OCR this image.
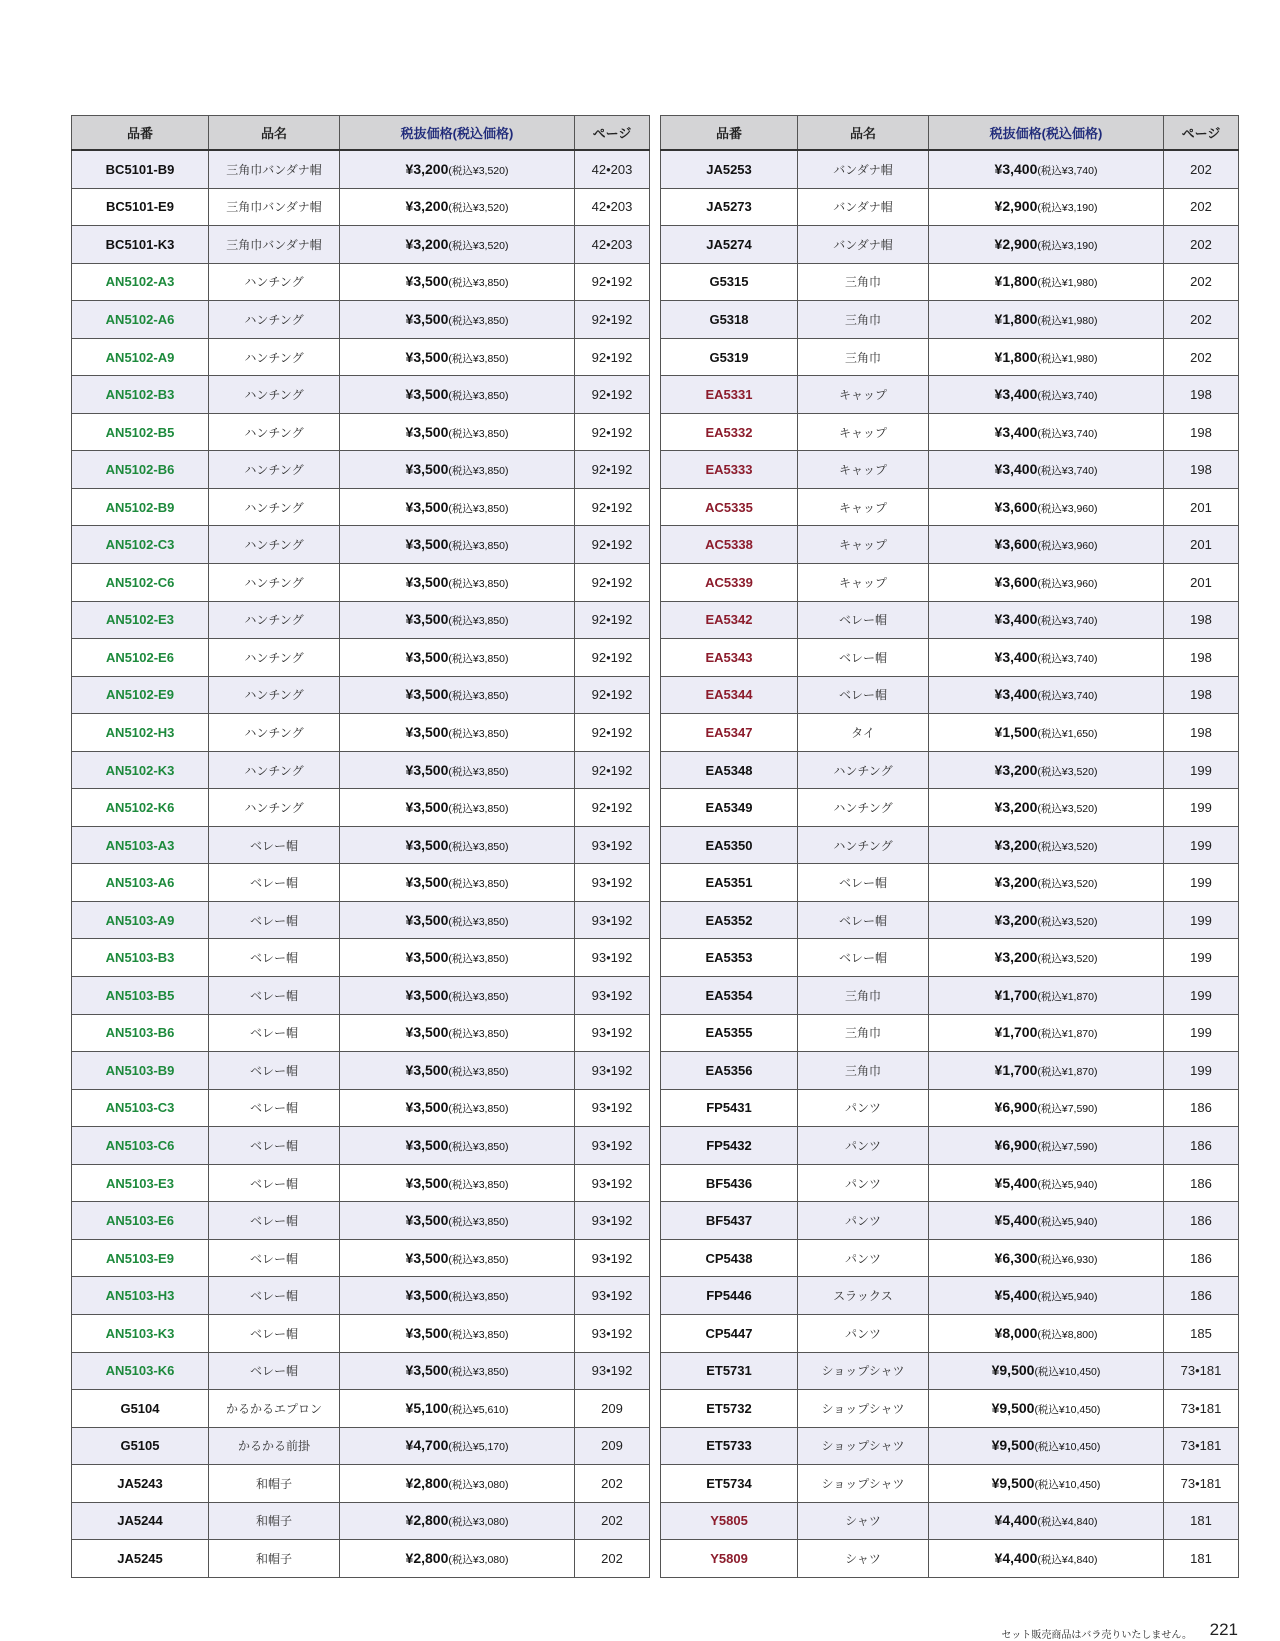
品番	品名	税抜価格(税込価格)	ページ
BC5101-B9	三角巾バンダナ帽	¥3,200(税込¥3,520)	42•203
BC5101-E9	三角巾バンダナ帽	¥3,200(税込¥3,520)	42•203
BC5101-K3	三角巾バンダナ帽	¥3,200(税込¥3,520)	42•203
AN5102-A3	ハンチング	¥3,500(税込¥3,850)	92•192
AN5102-A6	ハンチング	¥3,500(税込¥3,850)	92•192
AN5102-A9	ハンチング	¥3,500(税込¥3,850)	92•192
AN5102-B3	ハンチング	¥3,500(税込¥3,850)	92•192
AN5102-B5	ハンチング	¥3,500(税込¥3,850)	92•192
AN5102-B6	ハンチング	¥3,500(税込¥3,850)	92•192
AN5102-B9	ハンチング	¥3,500(税込¥3,850)	92•192
AN5102-C3	ハンチング	¥3,500(税込¥3,850)	92•192
AN5102-C6	ハンチング	¥3,500(税込¥3,850)	92•192
AN5102-E3	ハンチング	¥3,500(税込¥3,850)	92•192
AN5102-E6	ハンチング	¥3,500(税込¥3,850)	92•192
AN5102-E9	ハンチング	¥3,500(税込¥3,850)	92•192
AN5102-H3	ハンチング	¥3,500(税込¥3,850)	92•192
AN5102-K3	ハンチング	¥3,500(税込¥3,850)	92•192
AN5102-K6	ハンチング	¥3,500(税込¥3,850)	92•192
AN5103-A3	ベレー帽	¥3,500(税込¥3,850)	93•192
AN5103-A6	ベレー帽	¥3,500(税込¥3,850)	93•192
AN5103-A9	ベレー帽	¥3,500(税込¥3,850)	93•192
AN5103-B3	ベレー帽	¥3,500(税込¥3,850)	93•192
AN5103-B5	ベレー帽	¥3,500(税込¥3,850)	93•192
AN5103-B6	ベレー帽	¥3,500(税込¥3,850)	93•192
AN5103-B9	ベレー帽	¥3,500(税込¥3,850)	93•192
AN5103-C3	ベレー帽	¥3,500(税込¥3,850)	93•192
AN5103-C6	ベレー帽	¥3,500(税込¥3,850)	93•192
AN5103-E3	ベレー帽	¥3,500(税込¥3,850)	93•192
AN5103-E6	ベレー帽	¥3,500(税込¥3,850)	93•192
AN5103-E9	ベレー帽	¥3,500(税込¥3,850)	93•192
AN5103-H3	ベレー帽	¥3,500(税込¥3,850)	93•192
AN5103-K3	ベレー帽	¥3,500(税込¥3,850)	93•192
AN5103-K6	ベレー帽	¥3,500(税込¥3,850)	93•192
G5104	かるかるエプロン	¥5,100(税込¥5,610)	209
G5105	かるかる前掛	¥4,700(税込¥5,170)	209
JA5243	和帽子	¥2,800(税込¥3,080)	202
JA5244	和帽子	¥2,800(税込¥3,080)	202
JA5245	和帽子	¥2,800(税込¥3,080)	202
品番	品名	税抜価格(税込価格)	ページ
JA5253	バンダナ帽	¥3,400(税込¥3,740)	202
JA5273	バンダナ帽	¥2,900(税込¥3,190)	202
JA5274	バンダナ帽	¥2,900(税込¥3,190)	202
G5315	三角巾	¥1,800(税込¥1,980)	202
G5318	三角巾	¥1,800(税込¥1,980)	202
G5319	三角巾	¥1,800(税込¥1,980)	202
EA5331	キャップ	¥3,400(税込¥3,740)	198
EA5332	キャップ	¥3,400(税込¥3,740)	198
EA5333	キャップ	¥3,400(税込¥3,740)	198
AC5335	キャップ	¥3,600(税込¥3,960)	201
AC5338	キャップ	¥3,600(税込¥3,960)	201
AC5339	キャップ	¥3,600(税込¥3,960)	201
EA5342	ベレー帽	¥3,400(税込¥3,740)	198
EA5343	ベレー帽	¥3,400(税込¥3,740)	198
EA5344	ベレー帽	¥3,400(税込¥3,740)	198
EA5347	タイ	¥1,500(税込¥1,650)	198
EA5348	ハンチング	¥3,200(税込¥3,520)	199
EA5349	ハンチング	¥3,200(税込¥3,520)	199
EA5350	ハンチング	¥3,200(税込¥3,520)	199
EA5351	ベレー帽	¥3,200(税込¥3,520)	199
EA5352	ベレー帽	¥3,200(税込¥3,520)	199
EA5353	ベレー帽	¥3,200(税込¥3,520)	199
EA5354	三角巾	¥1,700(税込¥1,870)	199
EA5355	三角巾	¥1,700(税込¥1,870)	199
EA5356	三角巾	¥1,700(税込¥1,870)	199
FP5431	パンツ	¥6,900(税込¥7,590)	186
FP5432	パンツ	¥6,900(税込¥7,590)	186
BF5436	パンツ	¥5,400(税込¥5,940)	186
BF5437	パンツ	¥5,400(税込¥5,940)	186
CP5438	パンツ	¥6,300(税込¥6,930)	186
FP5446	スラックス	¥5,400(税込¥5,940)	186
CP5447	パンツ	¥8,000(税込¥8,800)	185
ET5731	ショップシャツ	¥9,500(税込¥10,450)	73•181
ET5732	ショップシャツ	¥9,500(税込¥10,450)	73•181
ET5733	ショップシャツ	¥9,500(税込¥10,450)	73•181
ET5734	ショップシャツ	¥9,500(税込¥10,450)	73•181
Y5805	シャツ	¥4,400(税込¥4,840)	181
Y5809	シャツ	¥4,400(税込¥4,840)	181
セット販売商品はバラ売りいたしません。 221
